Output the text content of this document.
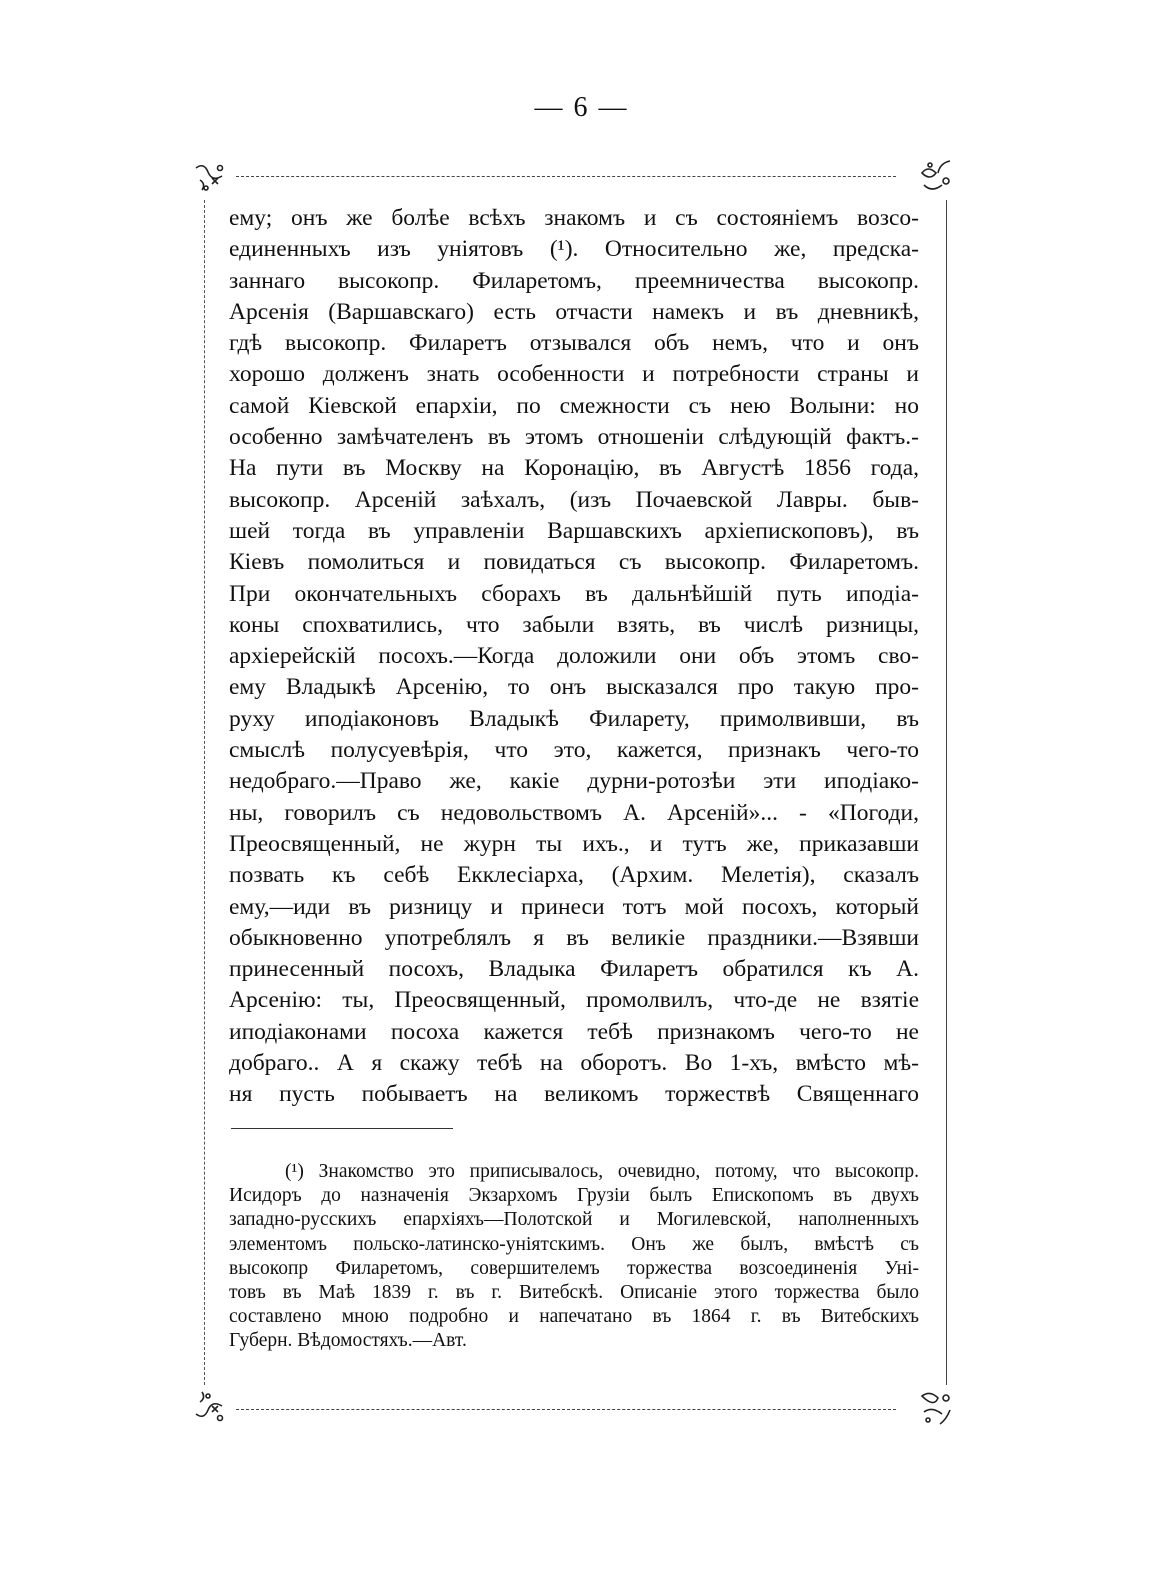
— 6 —
ему; онъ же болѣе всѣхъ знакомъ и съ состояніемъ возсо-
единенныхъ изъ уніятовъ (¹). Относительно же, предска-
заннаго высокопр. Филаретомъ, преемничества высокопр.
Арсенія (Варшавскаго) есть отчасти намекъ и въ дневникѣ,
гдѣ высокопр. Филаретъ отзывался объ немъ, что и онъ
хорошо долженъ знать особенности и потребности страны и
самой Кіевской епархіи, по смежности съ нею Волыни: но
особенно замѣчателенъ въ этомъ отношеніи слѣдующій фактъ.-
На пути въ Москву на Коронацію, въ Августѣ 1856 года,
высокопр. Арсеній заѣхалъ, (изъ Почаевской Лавры. быв-
шей тогда въ управленіи Варшавскихъ архіепископовъ), въ
Кіевъ помолиться и повидаться съ высокопр. Филаретомъ.
При окончательныхъ сборахъ въ дальнѣйшій путь иподіа-
коны спохватились, что забыли взять, въ числѣ ризницы,
архіерейскій посохъ.—Когда доложили они объ этомъ сво-
ему Владыкѣ Арсенію, то онъ высказался про такую про-
руху иподіаконовъ Владыкѣ Филарету, примолвивши, въ
смыслѣ полусуевѣрія, что это, кажется, признакъ чего-то
недобраго.—Право же, какіе дурни-ротозѣи эти иподіако-
ны, говорилъ съ недовольствомъ А. Арсеній»... - «Погоди,
Преосвященный, не журн ты ихъ., и тутъ же, приказавши
позвать къ себѣ Екклесіарха, (Архим. Мелетія), сказалъ
ему,—иди въ ризницу и принеси тотъ мой посохъ, который
обыкновенно употреблялъ я въ великіе праздники.—Взявши
принесенный посохъ, Владыка Филаретъ обратился къ А.
Арсенію: ты, Преосвященный, промолвилъ, что-де не взятіе
иподіаконами посоха кажется тебѣ признакомъ чего-то не
добраго.. А я скажу тебѣ на оборотъ. Во 1-хъ, вмѣсто мѣ-
ня пусть побываетъ на великомъ торжествѣ Священнаго
(¹) Знакомство это приписывалось, очевидно, потому, что высокопр.
Исидоръ до назначенія Экзархомъ Грузіи былъ Епископомъ въ двухъ
западно-русскихъ епархіяхъ—Полотской и Могилевской, наполненныхъ
элементомъ польско-латинско-уніятскимъ. Онъ же былъ, вмѣстѣ съ
высокопр Филаретомъ, совершителемъ торжества возсоединенія Уні-
товъ въ Маѣ 1839 г. въ г. Витебскѣ. Описаніе этого торжества было
составлено мною подробно и напечатано въ 1864 г. въ Витебскихъ
Губерн. Вѣдомостяхъ.—Авт.
